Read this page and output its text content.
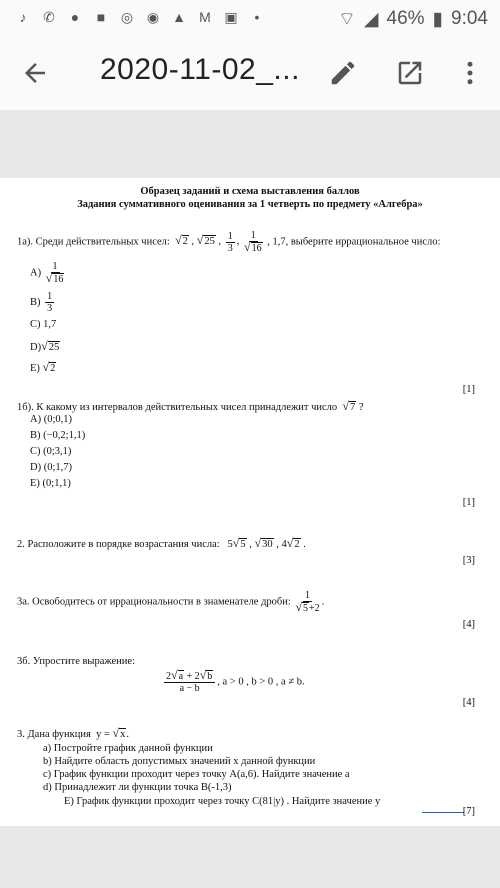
♪	✆	●	■	◎ ◉ ▲ M ▣	•	⌔ ◢ 46% ▮ 9:04
2020-11-02_...
Образец заданий и схема выставления баллов
Задания суммативного оценивания за 1 четверть по предмету «Алгебра»
1а). Среди действительных чисел: √2 , √25 , $\frac{1}{3}$ , $\frac{1}{√16}$ , 1,7, выберите иррациональное число:
$А) \frac{1}{√16}$
$В) \frac{1}{3}$
С) 1,7
D)√25
Е) √2
[1]
1б). К какому из интервалов действительных чисел принадлежит число √7 ?
А) (0;0,1)
В) (−0,2;1,1)
С) (0;3,1)
D) (0;1,7)
Е) (0;1,1)
[1]
2. Расположите в порядке возрастания числа:   5√5 , √30 , 4√2 .
[3]
3а. Освободитесь от иррациональности в знаменателе дроби: $\frac{1}{√5+2}$ .
[4]
3б. Упростите выражение:
$\frac{2√a + 2√b}{a - b}$ , a > 0 , b > 0 , a ≠ b.
[4]
3. Дана функция  y = √x.
a) Постройте график данной функции
b) Найдите область допустимых значений х данной функции
c) График функции проходит через точку A(a,6). Найдите значение a
d) Принадлежит ли функции точка B(-1,3)
E) График функции проходит через точку C(81|y) . Найдите значение y
[7]
